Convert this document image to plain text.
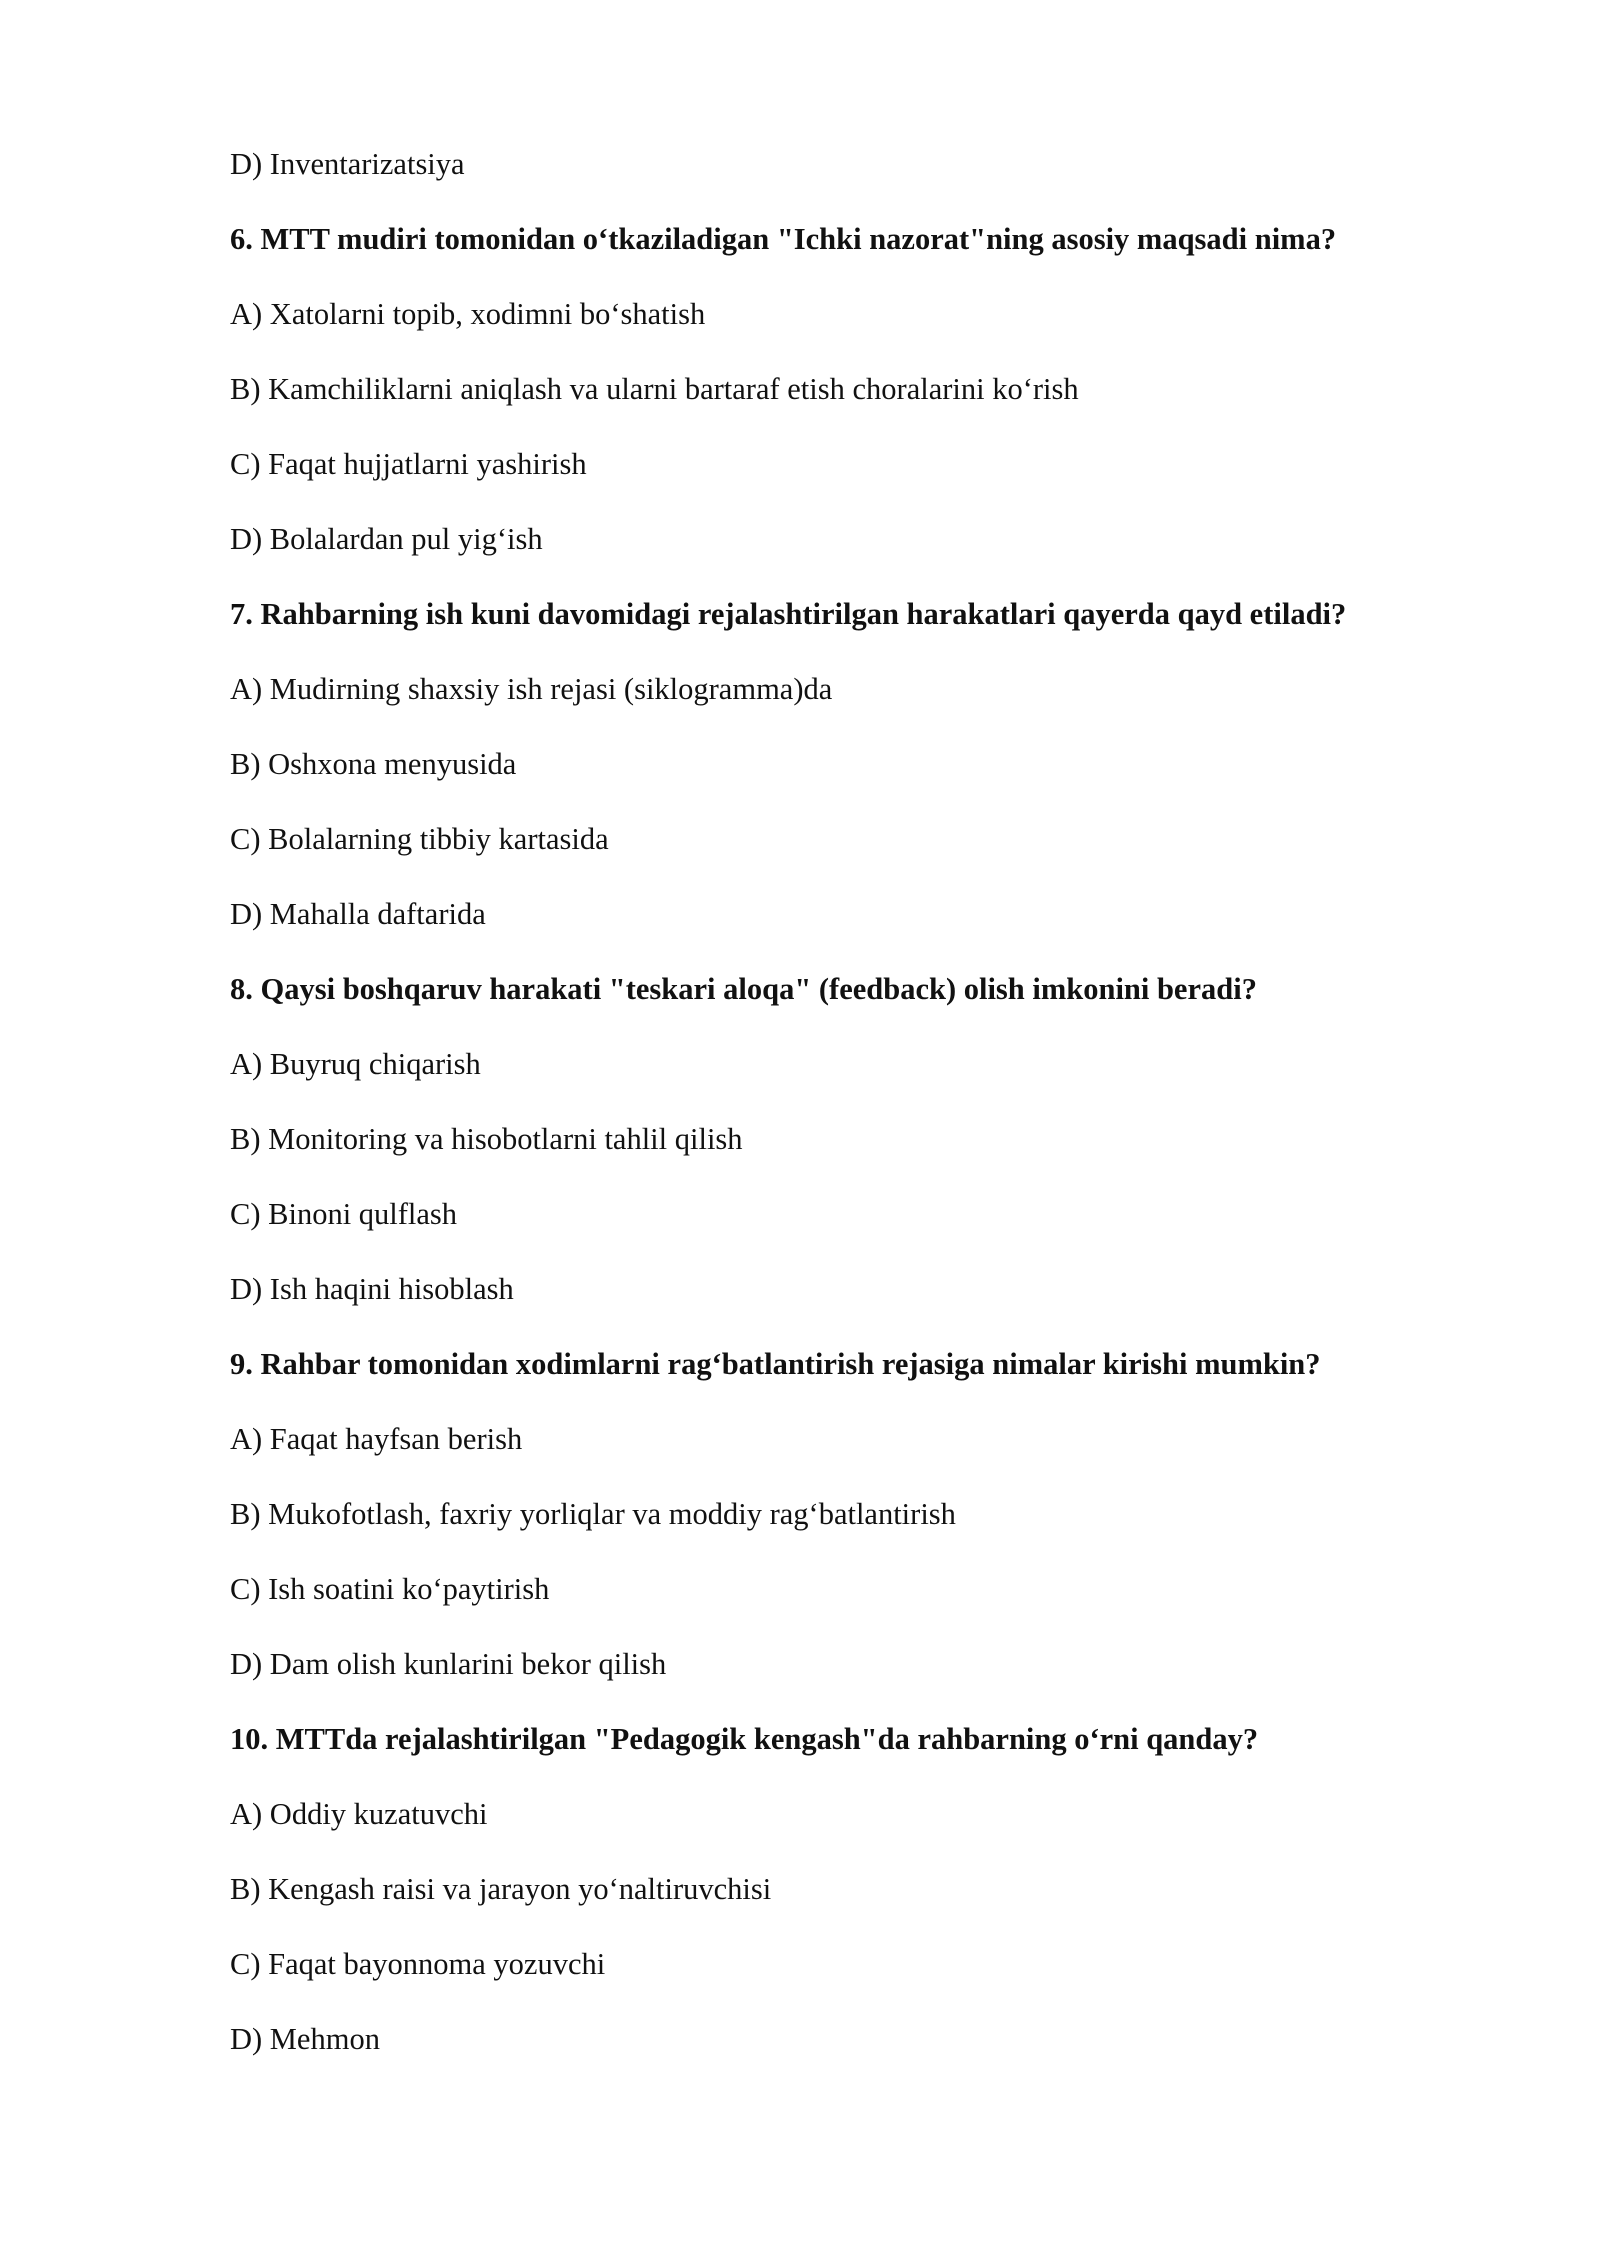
D) Inventarizatsiya
6. MTT mudiri tomonidan o‘tkaziladigan "Ichki nazorat"ning asosiy maqsadi nima?
A) Xatolarni topib, xodimni bo‘shatish
B) Kamchiliklarni aniqlash va ularni bartaraf etish choralarini ko‘rish
C) Faqat hujjatlarni yashirish
D) Bolalardan pul yig‘ish
7. Rahbarning ish kuni davomidagi rejalashtirilgan harakatlari qayerda qayd etiladi?
A) Mudirning shaxsiy ish rejasi (siklogramma)da
B) Oshxona menyusida
C) Bolalarning tibbiy kartasida
D) Mahalla daftarida
8. Qaysi boshqaruv harakati "teskari aloqa" (feedback) olish imkonini beradi?
A) Buyruq chiqarish
B) Monitoring va hisobotlarni tahlil qilish
C) Binoni qulflash
D) Ish haqini hisoblash
9. Rahbar tomonidan xodimlarni rag‘batlantirish rejasiga nimalar kirishi mumkin?
A) Faqat hayfsan berish
B) Mukofotlash, faxriy yorliqlar va moddiy rag‘batlantirish
C) Ish soatini ko‘paytirish
D) Dam olish kunlarini bekor qilish
10. MTTda rejalashtirilgan "Pedagogik kengash"da rahbarning o‘rni qanday?
A) Oddiy kuzatuvchi
B) Kengash raisi va jarayon yo‘naltiruvchisi
C) Faqat bayonnoma yozuvchi
D) Mehmon
